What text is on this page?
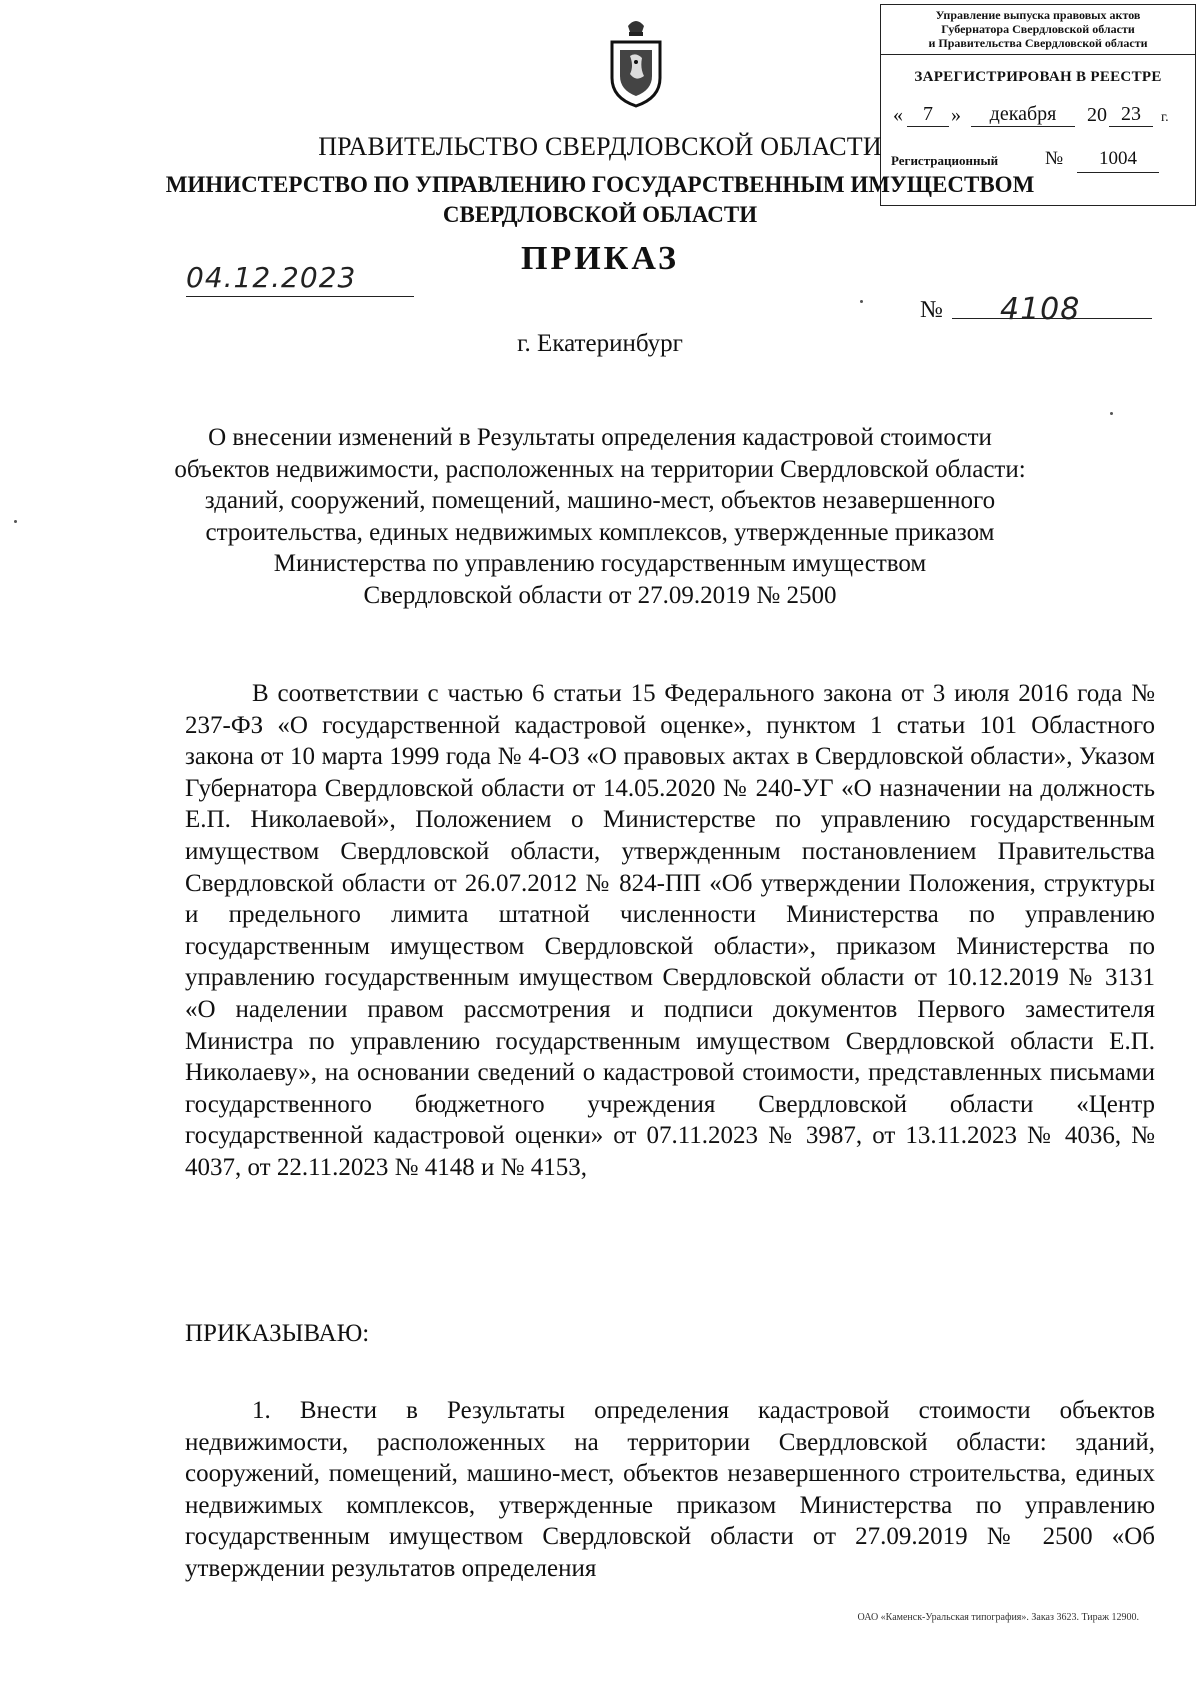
Управление выпуска правовых актов
Губернатора Свердловской области
и Правительства Свердловской области
ЗАРЕГИСТРИРОВАН В РЕЕСТРЕ
«	7 »	декабря	20 23	г.
Регистрационный №	1004
ПРАВИТЕЛЬСТВО СВЕРДЛОВСКОЙ ОБЛАСТИ
МИНИСТЕРСТВО ПО УПРАВЛЕНИЮ ГОСУДАРСТВЕННЫМ ИМУЩЕСТВОМ
СВЕРДЛОВСКОЙ ОБЛАСТИ
ПРИКАЗ
04.12.2023
№ 4108
г. Екатеринбург
О внесении изменений в Результаты определения кадастровой стоимости
объектов недвижимости, расположенных на территории Свердловской области:
зданий, сооружений, помещений, машино-мест, объектов незавершенного
строительства, единых недвижимых комплексов, утвержденные приказом
Министерства по управлению государственным имуществом
Свердловской области от 27.09.2019 № 2500
В соответствии с частью 6 статьи 15 Федерального закона от 3 июля 2016 года № 237-ФЗ «О государственной кадастровой оценке», пунктом 1 статьи 101 Областного закона от 10 марта 1999 года № 4-ОЗ «О правовых актах в Свердловской области», Указом Губернатора Свердловской области от 14.05.2020 № 240-УГ «О назначении на должность Е.П. Николаевой», Положением о Министерстве по управлению государственным имуществом Свердловской области, утвержденным постановлением Правительства Свердловской области от 26.07.2012 № 824-ПП «Об утверждении Положения, структуры и предельного лимита штатной численности Министерства по управлению государственным имуществом Свердловской области», приказом Министерства по управлению государственным имуществом Свердловской области от 10.12.2019 № 3131 «О наделении правом рассмотрения и подписи документов Первого заместителя Министра по управлению государственным имуществом Свердловской области Е.П. Николаеву», на основании сведений о кадастровой стоимости, представленных письмами государственного бюджетного учреждения Свердловской области «Центр государственной кадастровой оценки» от 07.11.2023 № 3987, от 13.11.2023 № 4036, № 4037, от 22.11.2023 № 4148 и № 4153,
ПРИКАЗЫВАЮ:
1. Внести в Результаты определения кадастровой стоимости объектов недвижимости, расположенных на территории Свердловской области: зданий, сооружений, помещений, машино-мест, объектов незавершенного строительства, единых недвижимых комплексов, утвержденные приказом Министерства по управлению государственным имуществом Свердловской области от 27.09.2019 № 2500 «Об утверждении результатов определения
ОАО «Каменск-Уральская типография». Заказ 3623. Тираж 12900.
